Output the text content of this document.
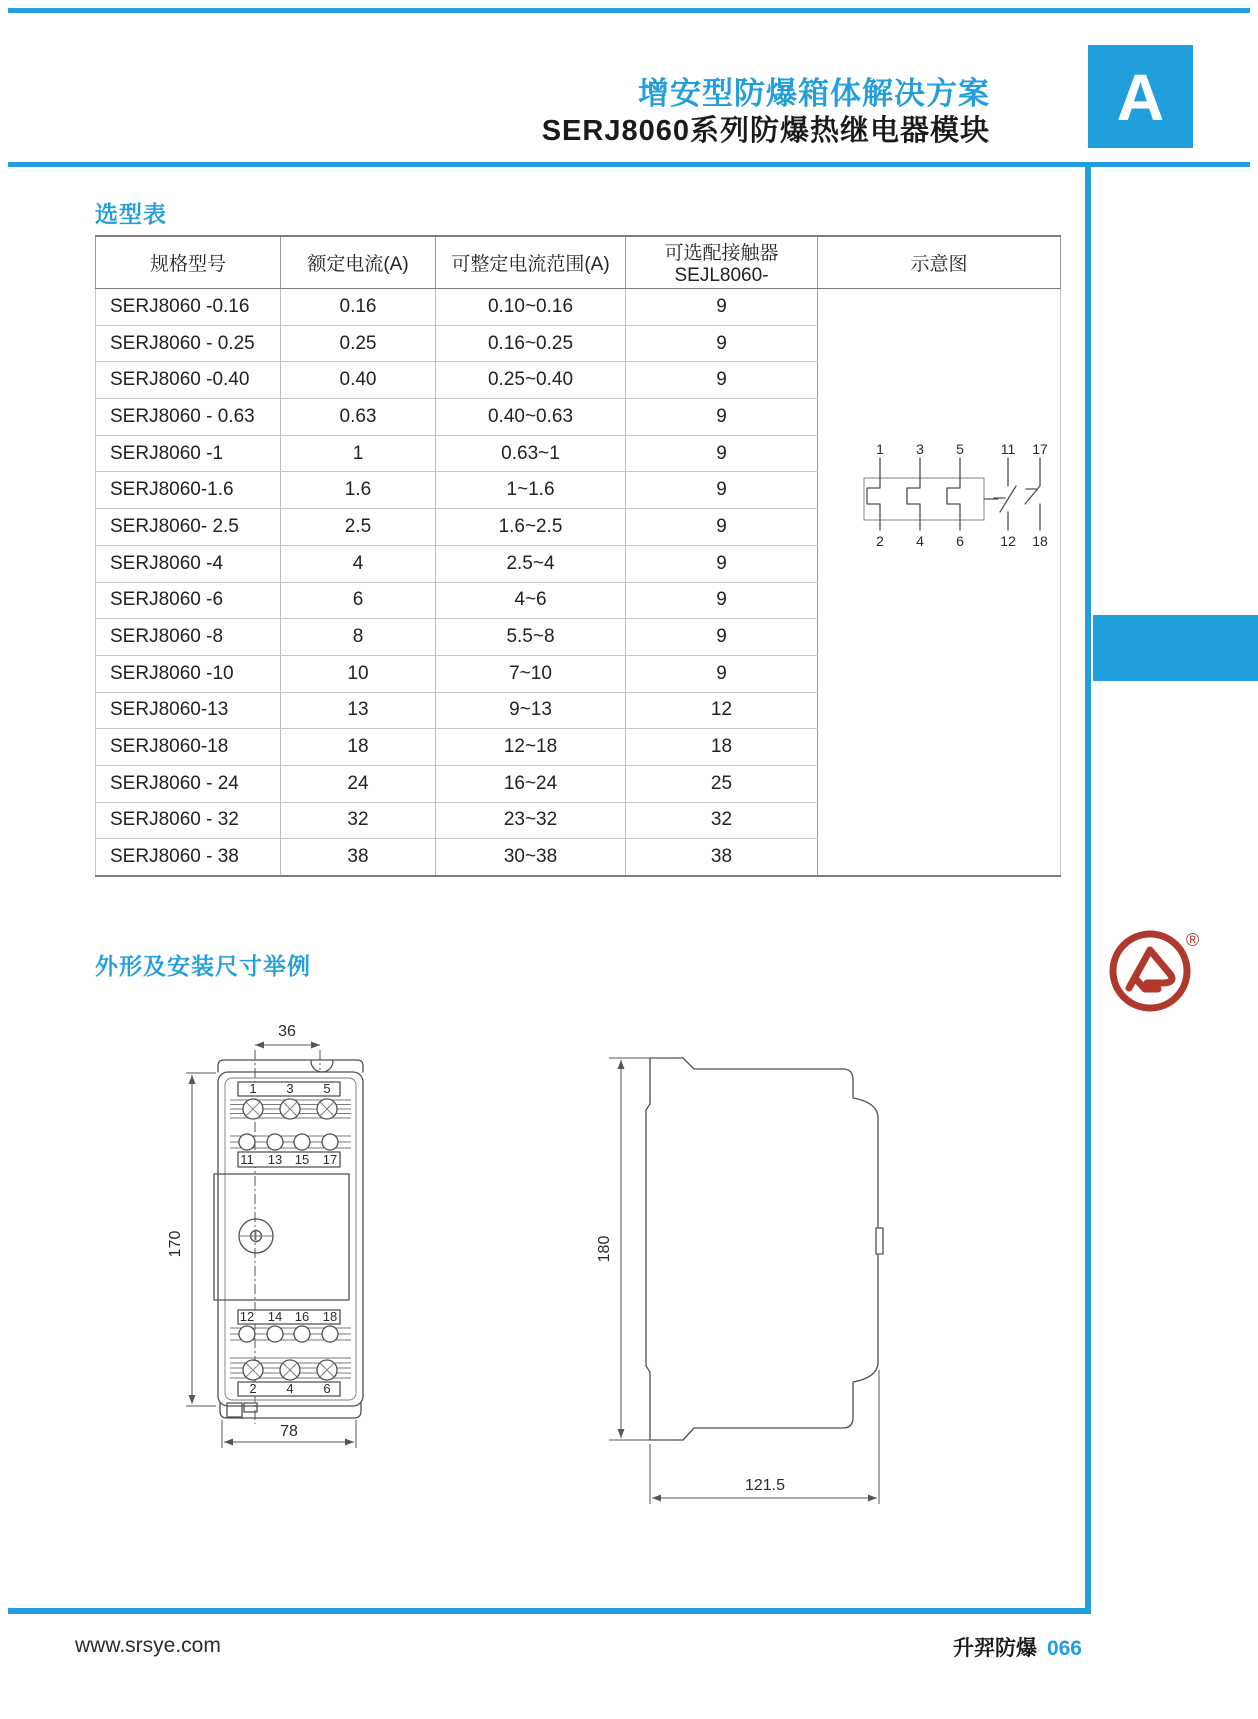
增安型防爆箱体解决方案
SERJ8060系列防爆热继电器模块 A
选型表
规格型号	额定电流(A)	可整定电流范围(A)	可选配接触器SEJL8060-	示意图
SERJ8060 -0.16	0.16	0.10~0.16	9	
SERJ8060 - 0.25	0.25	0.16~0.25	9	
SERJ8060 -0.40	0.40	0.25~0.40	9	
SERJ8060 - 0.63	0.63	0.40~0.63	9	
SERJ8060 -1	1	0.63~1	9	
SERJ8060-1.6	1.6	1~1.6	9	
SERJ8060- 2.5	2.5	1.6~2.5	9	
SERJ8060 -4	4	2.5~4	9	
SERJ8060 -6	6	4~6	9	
SERJ8060 -8	8	5.5~8	9	
SERJ8060 -10	10	7~10	9	
SERJ8060-13	13	9~13	12	
SERJ8060-18	18	12~18	18	
SERJ8060 - 24	24	16~24	25	
SERJ8060 - 32	32	23~32	32	
SERJ8060 - 38	38	30~38	38	
1 3 5	11 17
2 4 6	12 18
外形及安装尺寸举例
®
36
1 3 5
11 13 15 17
12 14 16 18
2 4 6
170
78
180
121.5
www.srsye.com	升羿防爆 066
